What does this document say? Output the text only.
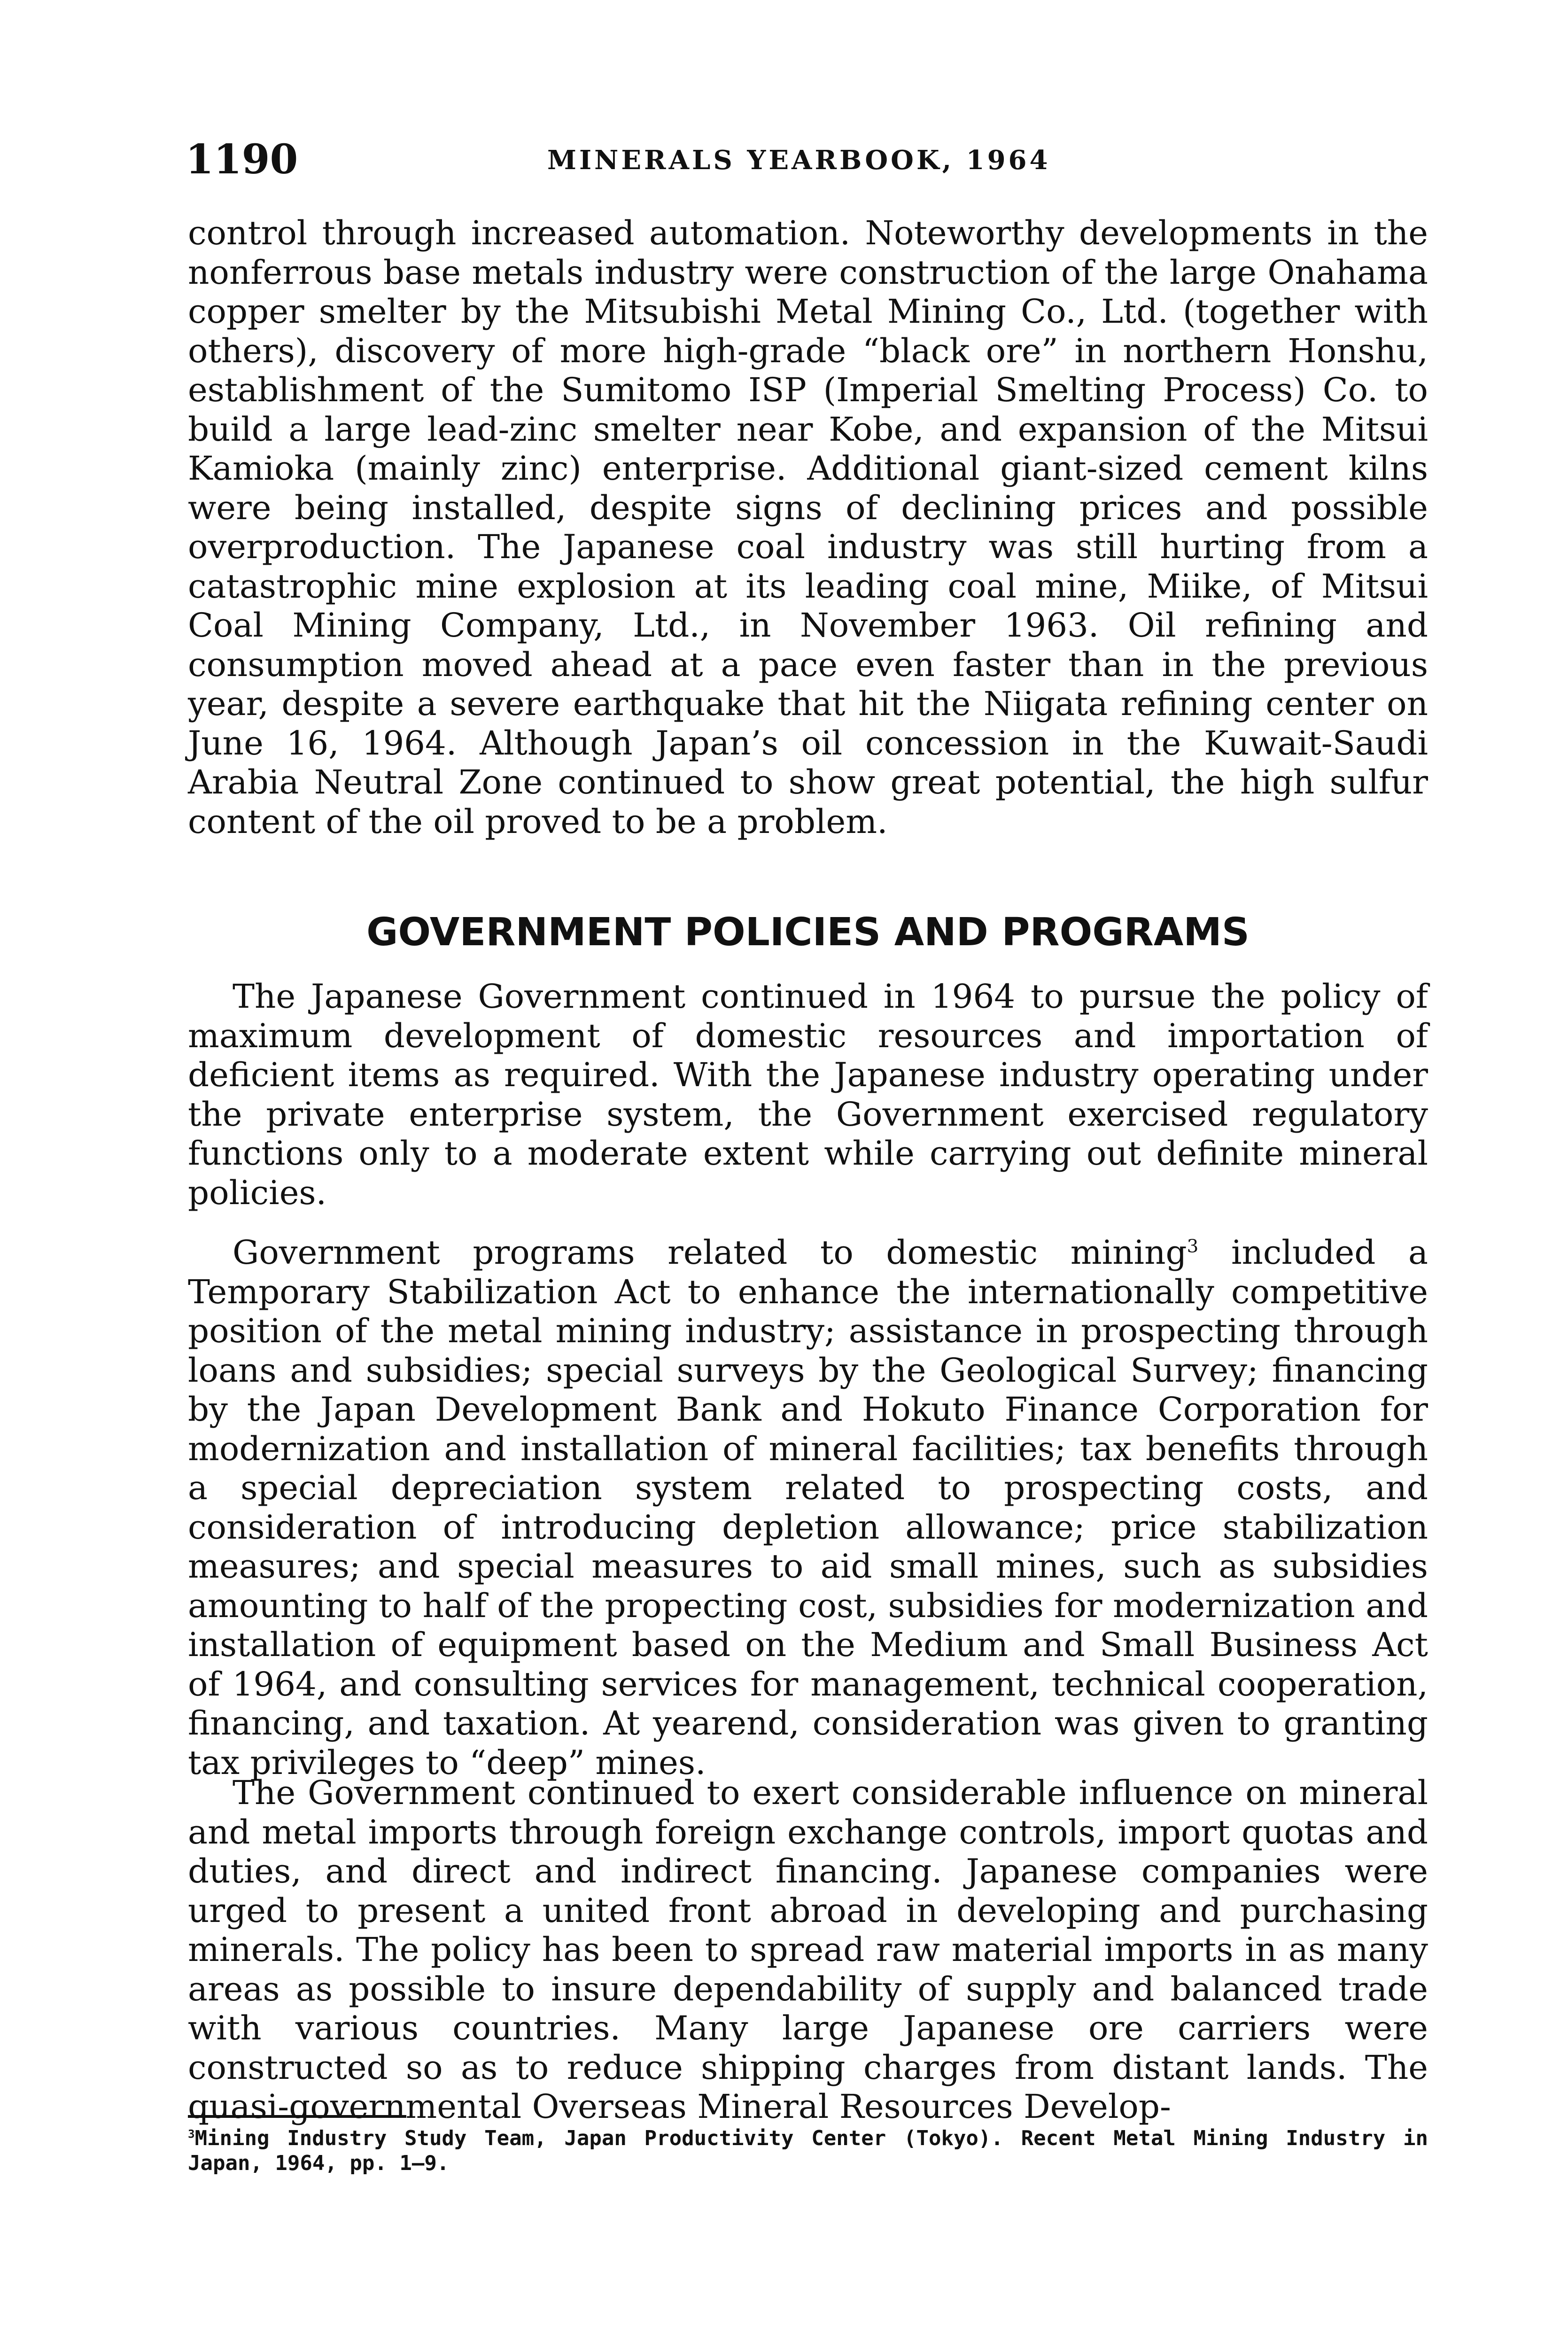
1190	MINERALS YEARBOOK, 1964

control through increased automation. Noteworthy developments in the nonferrous base metals industry were construction of the large Onahama copper smelter by the Mitsubishi Metal Mining Co., Ltd. (together with others), discovery of more high-grade “black ore” in northern Honshu, establishment of the Sumitomo ISP (Imperial Smelting Process) Co. to build a large lead-zinc smelter near Kobe, and expansion of the Mitsui Kamioka (mainly zinc) enterprise. Additional giant-sized cement kilns were being installed, despite signs of declining prices and possible overproduction. The Japanese coal industry was still hurting from a catastrophic mine explosion at its leading coal mine, Miike, of Mitsui Coal Mining Company, Ltd., in November 1963. Oil refining and consumption moved ahead at a pace even faster than in the previous year, despite a severe earthquake that hit the Niigata refining center on June 16, 1964. Although Japan’s oil concession in the Kuwait-Saudi Arabia Neutral Zone continued to show great potential, the high sulfur content of the oil proved to be a problem.

GOVERNMENT POLICIES AND PROGRAMS

The Japanese Government continued in 1964 to pursue the policy of maximum development of domestic resources and importation of deficient items as required. With the Japanese industry operating under the private enterprise system, the Government exercised regulatory functions only to a moderate extent while carrying out definite mineral policies.

Government programs related to domestic mining$^3$ included a Temporary Stabilization Act to enhance the internationally competitive position of the metal mining industry; assistance in prospecting through loans and subsidies; special surveys by the Geological Survey; financing by the Japan Development Bank and Hokuto Finance Corporation for modernization and installation of mineral facilities; tax benefits through a special depreciation system related to prospecting costs, and consideration of introducing depletion allowance; price stabilization measures; and special measures to aid small mines, such as subsidies amounting to half of the propecting cost, subsidies for modernization and installation of equipment based on the Medium and Small Business Act of 1964, and consulting services for management, technical cooperation, financing, and taxation. At yearend, consideration was given to granting tax privileges to “deep” mines.

The Government continued to exert considerable influence on mineral and metal imports through foreign exchange controls, import quotas and duties, and direct and indirect financing. Japanese companies were urged to present a united front abroad in developing and purchasing minerals. The policy has been to spread raw material imports in as many areas as possible to insure dependability of supply and balanced trade with various countries. Many large Japanese ore carriers were constructed so as to reduce shipping charges from distant lands. The quasi-governmental Overseas Mineral Resources Develop-

$^3$Mining Industry Study Team, Japan Productivity Center (Tokyo). Recent Metal Mining Industry in Japan, 1964, pp. 1–9.
